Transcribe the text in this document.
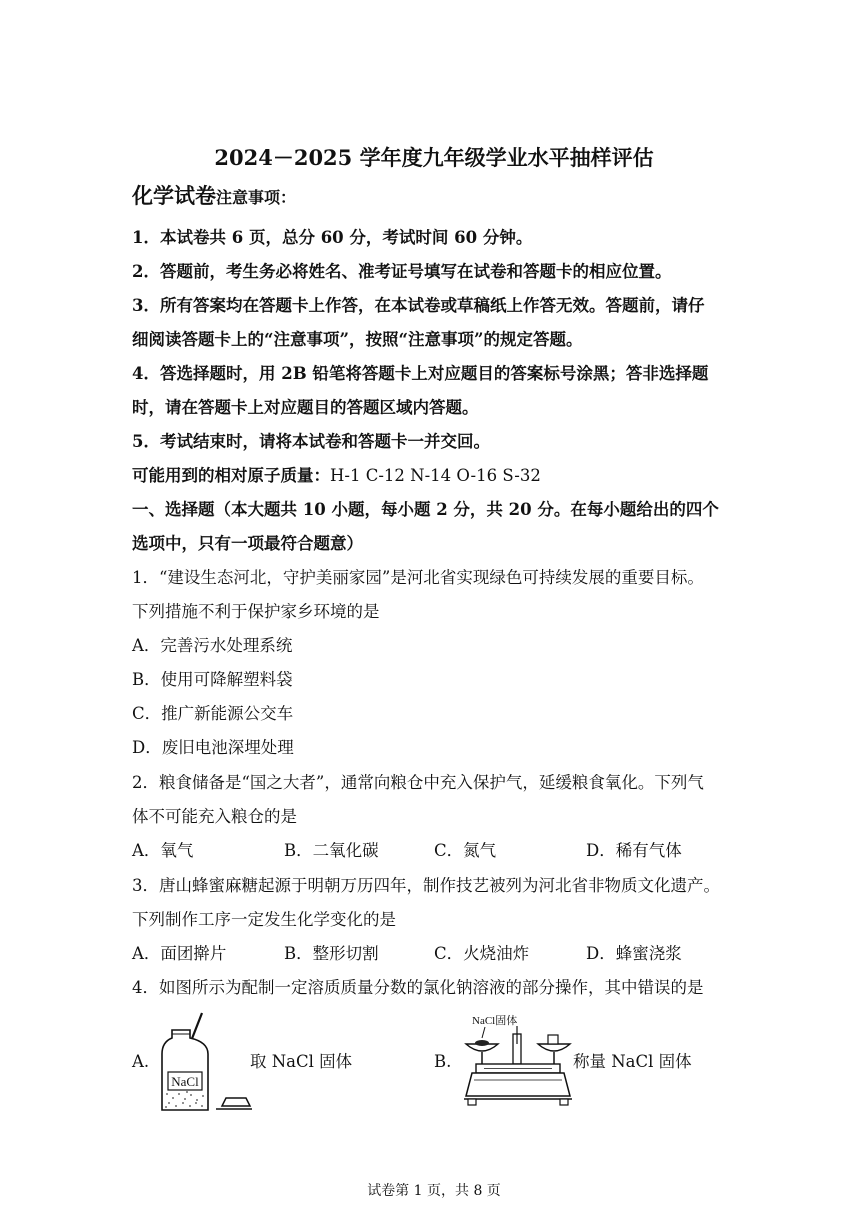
2024－2025 学年度九年级学业水平抽样评估
化学试卷注意事项：
1．本试卷共 6 页，总分 60 分，考试时间 60 分钟。
2．答题前，考生务必将姓名、准考证号填写在试卷和答题卡的相应位置。
3．所有答案均在答题卡上作答，在本试卷或草稿纸上作答无效。答题前，请仔
细阅读答题卡上的“注意事项”，按照“注意事项”的规定答题。
4．答选择题时，用 2B 铅笔将答题卡上对应题目的答案标号涂黑；答非选择题
时，请在答题卡上对应题目的答题区域内答题。
5．考试结束时，请将本试卷和答题卡一并交回。
可能用到的相对原子质量：H-1 C-12 N-14 O-16 S-32
一、选择题（本大题共 10 小题，每小题 2 分，共 20 分。在每小题给出的四个
选项中，只有一项最符合题意）
1．“建设生态河北，守护美丽家园”是河北省实现绿色可持续发展的重要目标。
下列措施不利于保护家乡环境的是
A．完善污水处理系统
B．使用可降解塑料袋
C．推广新能源公交车
D．废旧电池深埋处理
2．粮食储备是“国之大者”，通常向粮仓中充入保护气，延缓粮食氧化。下列气
体不可能充入粮仓的是
A．氧气	B．二氧化碳	C．氮气	D．稀有气体
3．唐山蜂蜜麻糖起源于明朝万历四年，制作技艺被列为河北省非物质文化遗产。
下列制作工序一定发生化学变化的是
A．面团擀片	B．整形切割	C．火烧油炸	D．蜂蜜浇浆
4．如图所示为配制一定溶质质量分数的氯化钠溶液的部分操作，其中错误的是
A.
NaCl
取 NaCl 固体	B.
NaCl固体
称量 NaCl 固体
试卷第 1 页，共 8 页
